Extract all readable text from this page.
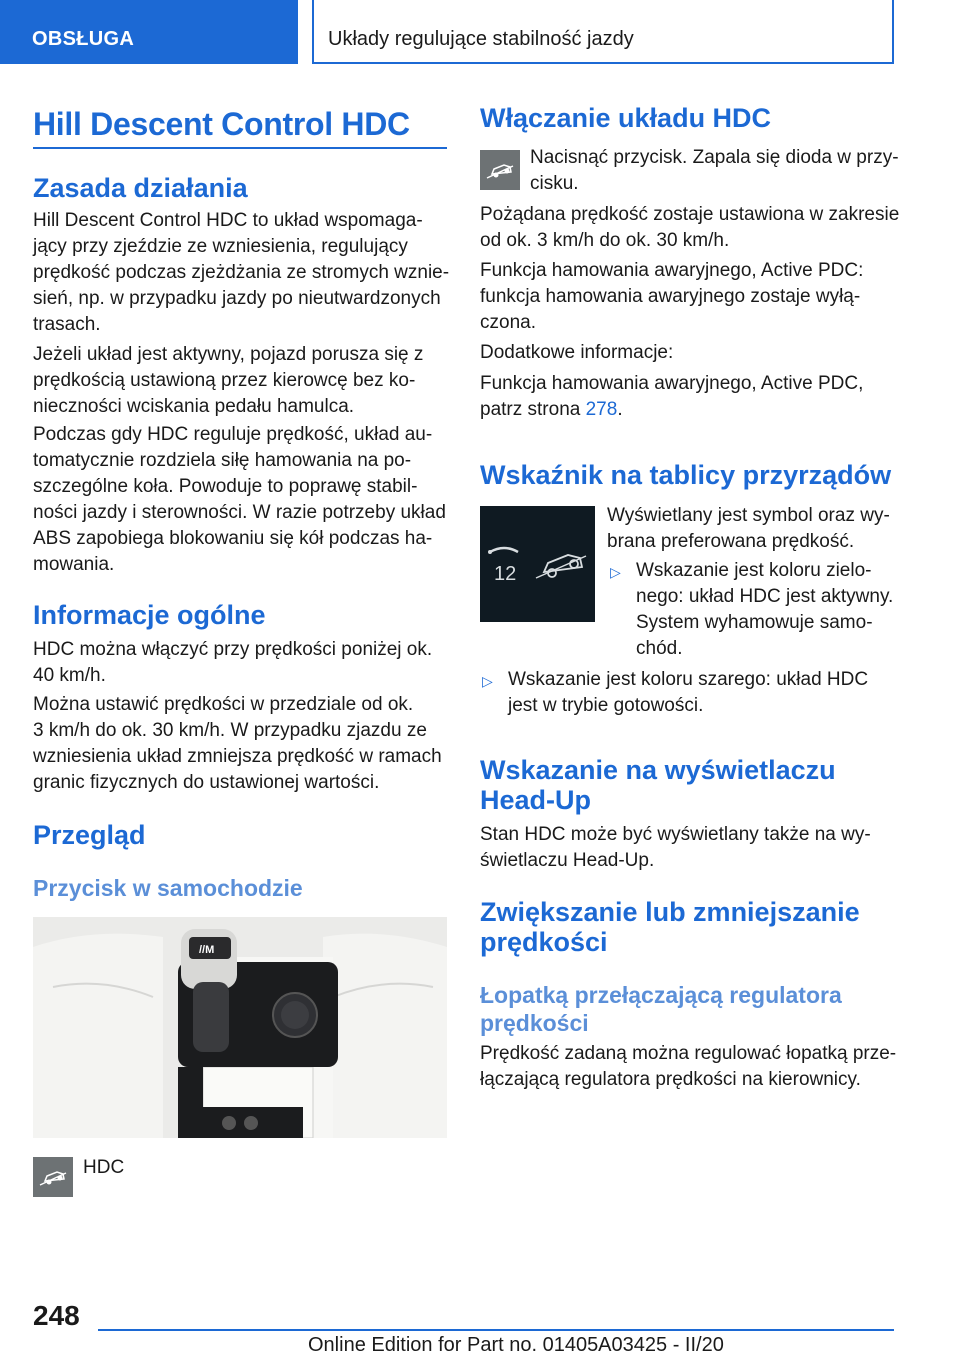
OBSŁUGA	Układy regulujące stabilność jazdy
Hill Descent Control HDC
Zasada działania

Hill Descent Control HDC to układ wspomaga-
jący przy zjeździe ze wzniesienia, regulujący
prędkość podczas zjeżdżania ze stromych wznie-
sień, np. w przypadku jazdy po nieutwardzonych
trasach.

Jeżeli układ jest aktywny, pojazd porusza się z
prędkością ustawioną przez kierowcę bez ko-
nieczności wciskania pedału hamulca.

Podczas gdy HDC reguluje prędkość, układ au-
tomatycznie rozdziela siłę hamowania na po-
szczególne koła. Powoduje to poprawę stabil-
ności jazdy i sterowności. W razie potrzeby układ
ABS zapobiega blokowaniu się kół podczas ha-
mowania.

Informacje ogólne

HDC można włączyć przy prędkości poniżej ok.
40 km/h.

Można ustawić prędkości w przedziale od ok.
3 km/h do ok. 30 km/h. W przypadku zjazdu ze
wzniesienia układ zmniejsza prędkość w ramach
granic fizycznych do ustawionej wartości.

Przegląd
Przycisk w samochodzie
//M

HDC

Włączanie układu HDC

Nacisnąć przycisk. Zapala się dioda w przy-
cisku.

Pożądana prędkość zostaje ustawiona w zakresie
od ok. 3 km/h do ok. 30 km/h.

Funkcja hamowania awaryjnego, Active PDC:
funkcja hamowania awaryjnego zostaje wyłą-
czona.

Dodatkowe informacje:

Funkcja hamowania awaryjnego, Active PDC,
patrz strona 278.

Wskaźnik na tablicy przyrządów
12

Wyświetlany jest symbol oraz wy-
brana preferowana prędkość.

▷ Wskazanie jest koloru zielo-
nego: układ HDC jest aktywny.
System wyhamowuje samo-
chód.

▷ Wskazanie jest koloru szarego: układ HDC
jest w trybie gotowości.

Wskazanie na wyświetlaczu
Head-Up

Stan HDC może być wyświetlany także na wy-
świetlaczu Head-Up.

Zwiększanie lub zmniejszanie
prędkości
Łopatką przełączającą regulatora
prędkości

Prędkość zadaną można regulować łopatką prze-
łączającą regulatora prędkości na kierownicy.

248
Online Edition for Part no. 01405A03425 - II/20
